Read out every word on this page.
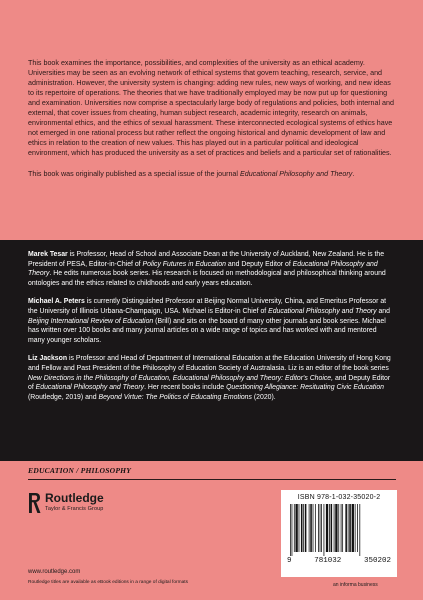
This book examines the importance, possibilities, and complexities of the university as an ethical academy. Universities may be seen as an evolving network of ethical systems that govern teaching, research, service, and administration. However, the university system is changing: adding new rules, new ways of working, and new ideas to its repertoire of operations. The theories that we have traditionally employed may be now put up for questioning and examination. Universities now comprise a spectacularly large body of regulations and policies, both internal and external, that cover issues from cheating, human subject research, academic integrity, research on animals, environmental ethics, and the ethics of sexual harassment. These interconnected ecological systems of ethics have not emerged in one rational process but rather reflect the ongoing historical and dynamic development of law and ethics in relation to the creation of new values. This has played out in a particular political and ideological environment, which has produced the university as a set of practices and beliefs and a particular set of rationalities.

This book was originally published as a special issue of the journal Educational Philosophy and Theory.

Marek Tesar is Professor, Head of School and Associate Dean at the University of Auckland, New Zealand. He is the President of PESA, Editor-in-Chief of Policy Futures in Education and Deputy Editor of Educational Philosophy and Theory. He edits numerous book series. His research is focused on methodological and philosophical thinking around ontologies and the ethics related to childhoods and early years education.

Michael A. Peters is currently Distinguished Professor at Beijing Normal University, China, and Emeritus Professor at the University of Illinois Urbana-Champaign, USA. Michael is Editor-in Chief of Educational Philosophy and Theory and Beijing International Review of Education (Brill) and sits on the board of many other journals and book series. Michael has written over 100 books and many journal articles on a wide range of topics and has worked with and mentored many younger scholars.

Liz Jackson is Professor and Head of Department of International Education at the Education University of Hong Kong and Fellow and Past President of the Philosophy of Education Society of Australasia. Liz is an editor of the book series New Directions in the Philosophy of Education, Educational Philosophy and Theory: Editor's Choice, and Deputy Editor of Educational Philosophy and Theory. Her recent books include Questioning Allegiance: Resituating Civic Education (Routledge, 2019) and Beyond Virtue: The Politics of Educating Emotions (2020).

EDUCATION / PHILOSOPHY
Routledge
Taylor & Francis Group
www.routledge.com
Routledge titles are available as eBook editions in a range of digital formats
ISBN 978-1-032-35020-2
9	781032	350202
an informa business
